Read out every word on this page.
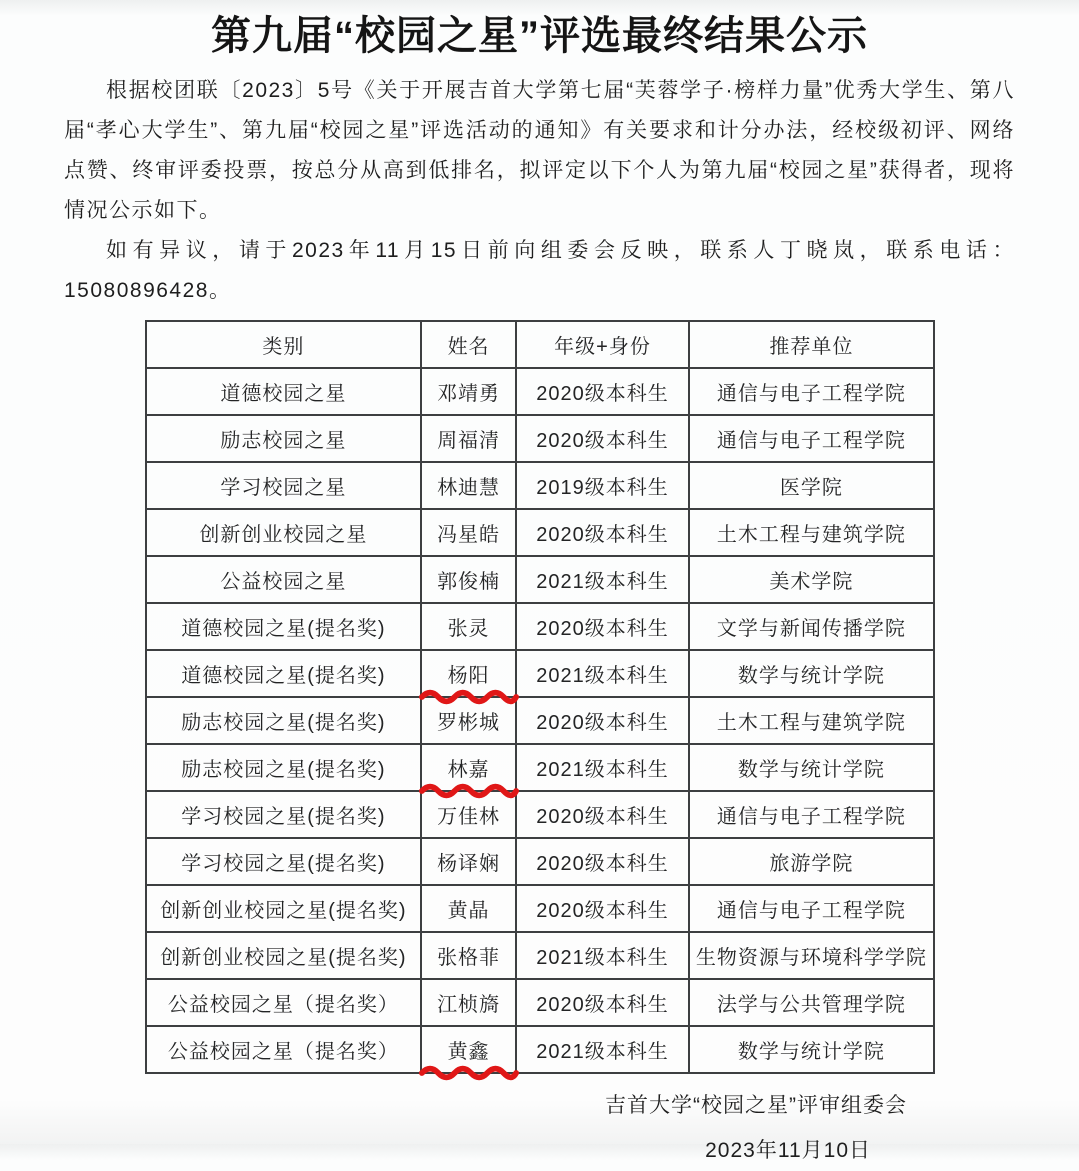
第九届“校园之星”评选最终结果公示

根据校团联〔2023〕5号《关于开展吉首大学第七届“芙蓉学子·榜样力量”优秀大学生、第八届“孝心大学生”、第九届“校园之星”评选活动的通知》有关要求和计分办法，经校级初评、网络点赞、终审评委投票，按总分从高到低排名，拟评定以下个人为第九届“校园之星”获得者，现将情况公示如下。

如有异议，请于2023年11月15日前向组委会反映，联系人丁晓岚，联系电话：15080896428。

类别	姓名	年级+身份	推荐单位
道德校园之星	邓靖勇	2020级本科生	通信与电子工程学院
励志校园之星	周福清	2020级本科生	通信与电子工程学院
学习校园之星	林迪慧	2019级本科生	医学院
创新创业校园之星	冯星皓	2020级本科生	土木工程与建筑学院
公益校园之星	郭俊楠	2021级本科生	美术学院
道德校园之星(提名奖)	张灵	2020级本科生	文学与新闻传播学院
道德校园之星(提名奖)	杨阳	2021级本科生	数学与统计学院
励志校园之星(提名奖)	罗彬城	2020级本科生	土木工程与建筑学院
励志校园之星(提名奖)	林嘉	2021级本科生	数学与统计学院
学习校园之星(提名奖)	万佳林	2020级本科生	通信与电子工程学院
学习校园之星(提名奖)	杨译娴	2020级本科生	旅游学院
创新创业校园之星(提名奖)	黄晶	2020级本科生	通信与电子工程学院
创新创业校园之星(提名奖)	张格菲	2021级本科生	生物资源与环境科学学院
公益校园之星（提名奖）	江桢旖	2020级本科生	法学与公共管理学院
公益校园之星（提名奖）	黄鑫	2021级本科生	数学与统计学院
吉首大学“校园之星”评审组委会
2023年11月10日
